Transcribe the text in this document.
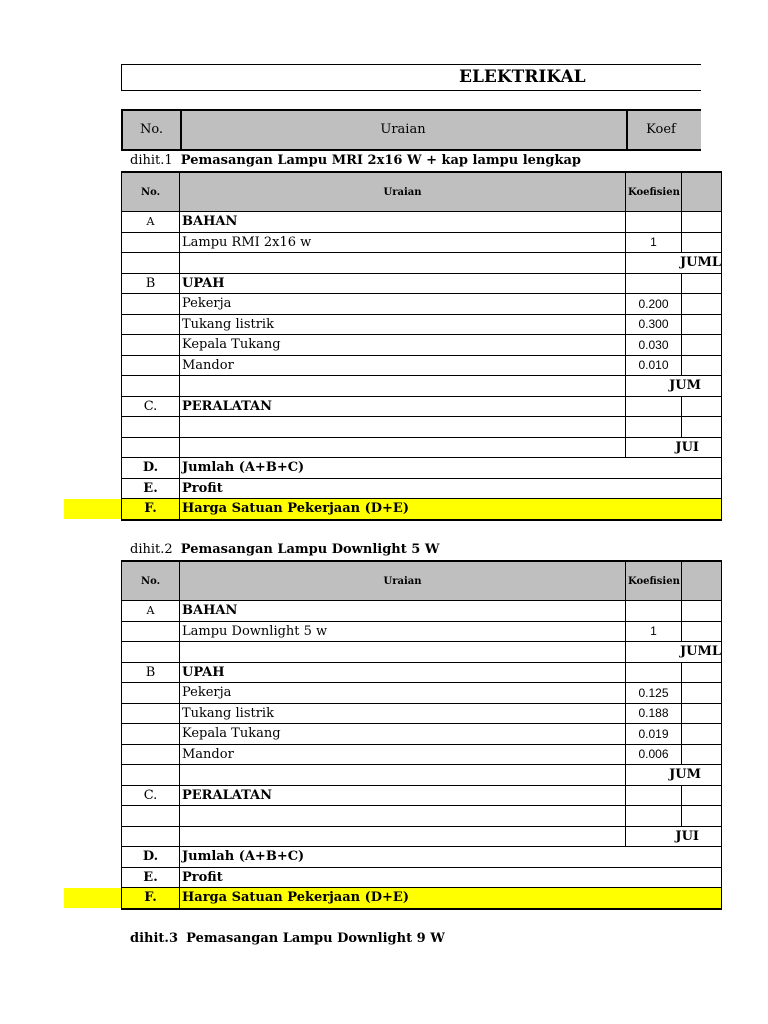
ELEKTRIKAL
No.	Uraian	Koef
dihit.1 Pemasangan Lampu MRI 2x16 W + kap lampu lengkap
No.	Uraian	Koefisien	
A	BAHAN		
	Lampu RMI 2x16 w	1	
		JUML	
B	UPAH		
	Pekerja	0.200	
	Tukang listrik	0.300	
	Kepala Tukang	0.030	
	Mandor	0.010	
		JUM	
C.	PERALATAN		

		JUI	
D.	Jumlah (A+B+C)		
E.	Profit		
F.	Harga Satuan Pekerjaan (D+E)		
dihit.2 Pemasangan Lampu Downlight 5 W
No.	Uraian	Koefisien	
A	BAHAN		
	Lampu Downlight 5 w	1	
		JUML	
B	UPAH		
	Pekerja	0.125	
	Tukang listrik	0.188	
	Kepala Tukang	0.019	
	Mandor	0.006	
		JUM	
C.	PERALATAN		

		JUI	
D.	Jumlah (A+B+C)		
E.	Profit		
F.	Harga Satuan Pekerjaan (D+E)		
dihit.3 Pemasangan Lampu Downlight 9 W
